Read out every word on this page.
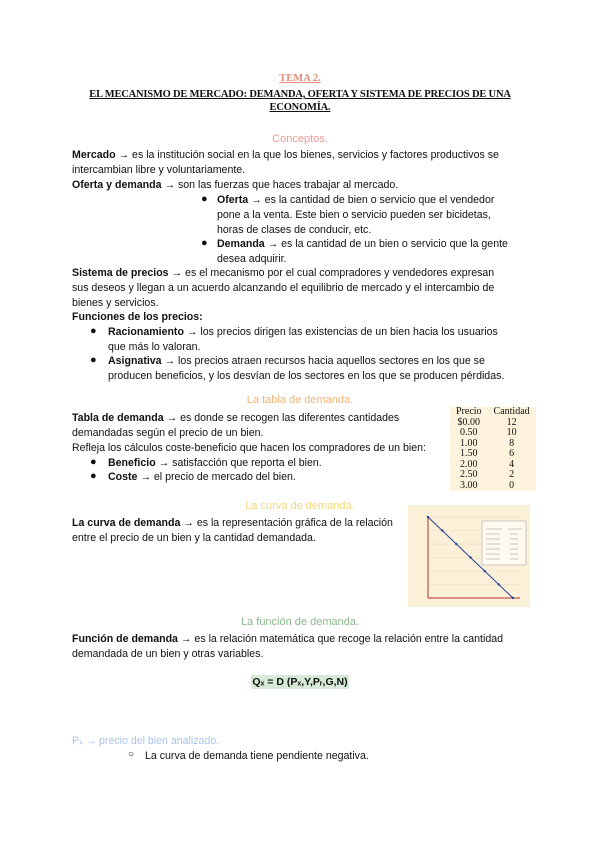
TEMA 2.
EL MECANISMO DE MERCADO: DEMANDA, OFERTA Y SISTEMA DE PRECIOS DE UNA ECONOMÍA.
Conceptos.
Mercado → es la institución social en la que los bienes, servicios y factores productivos se
intercambian libre y voluntariamente.
Oferta y demanda → son las fuerzas que haces trabajar al mercado.
● Oferta → es la cantidad de bien o servicio que el vendedor
pone a la venta. Este bien o servicio pueden ser bicidetas,
horas de clases de conducir, etc.
● Demanda → es la cantidad de un bien o servicio que la gente
desea adquirir.
Sistema de precios → es el mecanismo por el cual compradores y vendedores expresan
sus deseos y llegan a un acuerdo alcanzando el equilibrio de mercado y el intercambio de
bienes y servicios.
Funciones de los precios:
● Racionamiento → los precios dirigen las existencias de un bien hacia los usuarios
que más lo valoran.
● Asignativa → los precios atraen recursos hacia aquellos sectores en los que se
producen beneficios, y los desvían de los sectores en los que se producen pérdidas.
La tabla de demanda.
Tabla de demanda → es donde se recogen las diferentes cantidades
demandadas según el precio de un bien.
Refleja los cálculos coste-beneficio que hacen los compradores de un bien:
● Beneficio → satisfacción que reporta el bien.
● Coste → el precio de mercado del bien.
Precio	Cantidad
$0.00	12
0.50	10
1.00	8
1.50	6
2.00	4
2.50	2
3.00	0
La curva de demanda.
La curva de demanda → es la representación gráfica de la relación
entre el precio de un bien y la cantidad demandada.
La función de demanda.
Función de demanda → es la relación matemática que recoge la relación entre la cantidad
demandada de un bien y otras variables.
Qₓ = D (Pₓ,Y,Pᵣ,G,N)
Pₓ → precio del bien analizado.
○ La curva de demanda tiene pendiente negativa.
